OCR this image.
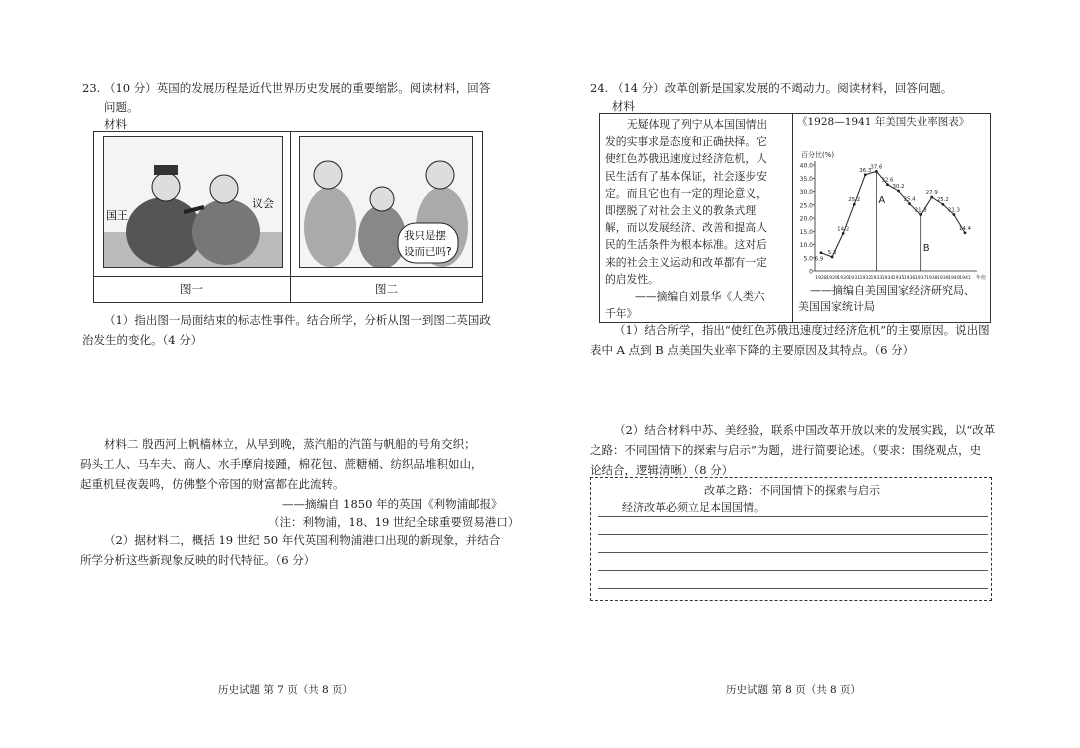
23. （10 分）英国的发展历程是近代世界历史发展的重要缩影。阅读材料，回答
问题。
材料
国王
议会
我只是摆
设而已吗?
图一	图二
（1）指出图一局面结束的标志性事件。结合所学，分析从图一到图二英国政
治发生的变化。（4 分）
材料二 殷西河上帆樯林立，从早到晚，蒸汽船的汽笛与帆船的号角交织；
码头工人、马车夫、商人、水手摩肩接踵，棉花包、蔗糖桶、纺织品堆积如山，
起重机昼夜轰鸣，仿佛整个帝国的财富都在此流转。
——摘编自 1850 年的英国《利物浦邮报》
（注：利物浦，18、19 世纪全球重要贸易港口）
（2）据材料二，概括 19 世纪 50 年代英国利物浦港口出现的新现象，并结合
所学分析这些新现象反映的时代特征。（6 分）
历史试题 第 7 页（共 8 页）
24. （14 分）改革创新是国家发展的不竭动力。阅读材料，回答问题。
材料
无疑体现了列宁从本国国情出
发的实事求是态度和正确抉择。它
使红色苏俄迅速度过经济危机，人
民生活有了基本保证，社会逐步安
定。而且它也有一定的理论意义，
即摆脱了对社会主义的教条式理
解，而以发展经济、改善和提高人
民的生活条件为根本标准。这对后
来的社会主义运动和改革都有一定
的启发性。
——摘编自刘景华《人类六
千年》
《1928—1941 年美国失业率图表》
百分比(%)
0
5.0
10.0
15.0
20.0
25.0
30.0
35.0
40.0
1928 1929 1930 1931 1932 1933 1934 1935 1936 1937 1938 1939 1940 1941 年份
6.9
5.3
14.2
25.2
36.3
37.6
32.6
30.2
25.4
21.3
27.9
25.2
21.3
14.4
A
B
——摘编自美国国家经济研究局、
美国国家统计局
（1）结合所学，指出“使红色苏俄迅速度过经济危机”的主要原因。说出图
表中 A 点到 B 点美国失业率下降的主要原因及其特点。（6 分）
（2）结合材料中苏、美经验，联系中国改革开放以来的发展实践，以“改革
之路：不同国情下的探索与启示”为题，进行简要论述。（要求：围绕观点，史
论结合，逻辑清晰）（8 分）
改革之路：不同国情下的探索与启示
经济改革必须立足本国国情。
历史试题 第 8 页（共 8 页）
